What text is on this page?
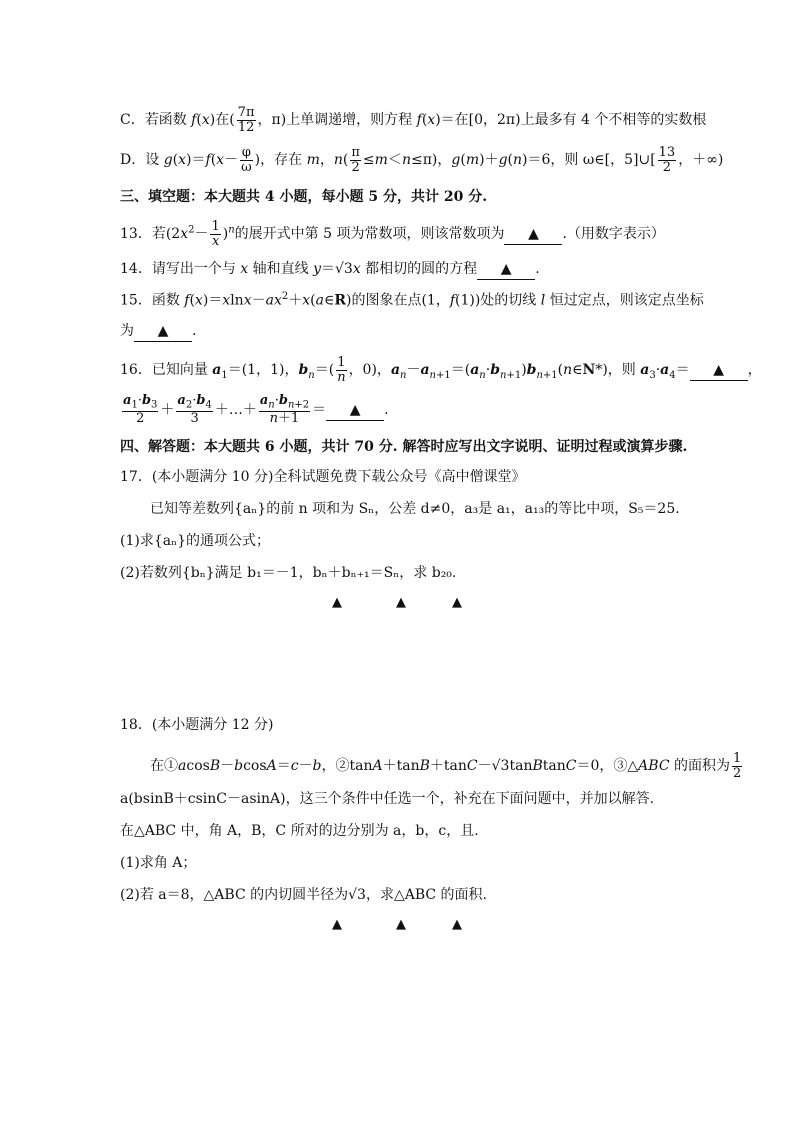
C．若函数 f(x)在( $\frac{7\pi}{12}$ ，π)上单调递增，则方程 f(x)＝在[0，2π)上最多有 4 个不相等的实数根
D．设 $g(x)=f(x- \frac{\varphi}{\omega}$ )，存在 m，$n( \frac{\pi}{2} \le m<n\le\pi)$，g(m)＋g(n)＝6，则 ω∈[，5]∪[ $\frac{13}{2}$ ，＋∞)
三、填空题：本大题共 4 小题，每小题 5 分，共计 20 分.
13．若$(2x^2- \frac{1}{x} )^n$的展开式中第 5 项为常数项，则该常数项为 ▲ .（用数字表示）
14．请写出一个与 x 轴和直线 y＝√3x 都相切的圆的方程 ▲ .
15．函数 $f(x)=xlnx-ax^2+x(a\in R)$的图象在点(1，f(1))处的切线 l 恒过定点，则该定点坐标
为 ▲ .
16．已知向量 $a_1=(1$，1)，$b_n=( \frac{1}{n}$ ，0)，$a_n-a_{n+1}=(a_n\cdot b_{n+1})b_{n+1}(n\in N*)$，则 $a_3\cdot a_4=$ ▲ ，
$\frac{a_1\cdot b_3}{2} + \frac{a_2\cdot b_4}{3}$ ＋…＋ $\frac{a_n\cdot b_{n+2}}{n+1}$ ＝ ▲ .
四、解答题：本大题共 6 小题，共计 70 分. 解答时应写出文字说明、证明过程或演算步骤.
17．(本小题满分 10 分)全科试题免费下载公众号《高中僧课堂》
已知等差数列{aₙ}的前 n 项和为 Sₙ，公差 d≠0，a₃是 a₁，a₁₃的等比中项，S₅＝25.
(1)求{aₙ}的通项公式；
(2)若数列{bₙ}满足 b₁＝－1，bₙ＋bₙ₊₁＝Sₙ，求 b₂₀.
▲	▲	▲
18．(本小题满分 12 分)
在①acosB－bcosA＝c－b，②tanA＋tanB＋tanC－√3tanBtanC＝0，③△ABC 的面积为 $\frac{1}{2}$
a(bsinB＋csinC－asinA)，这三个条件中任选一个，补充在下面问题中，并加以解答.
在△ABC 中，角 A，B，C 所对的边分别为 a，b，c，且.
(1)求角 A；
(2)若 a＝8，△ABC 的内切圆半径为√3，求△ABC 的面积.
▲	▲	▲
